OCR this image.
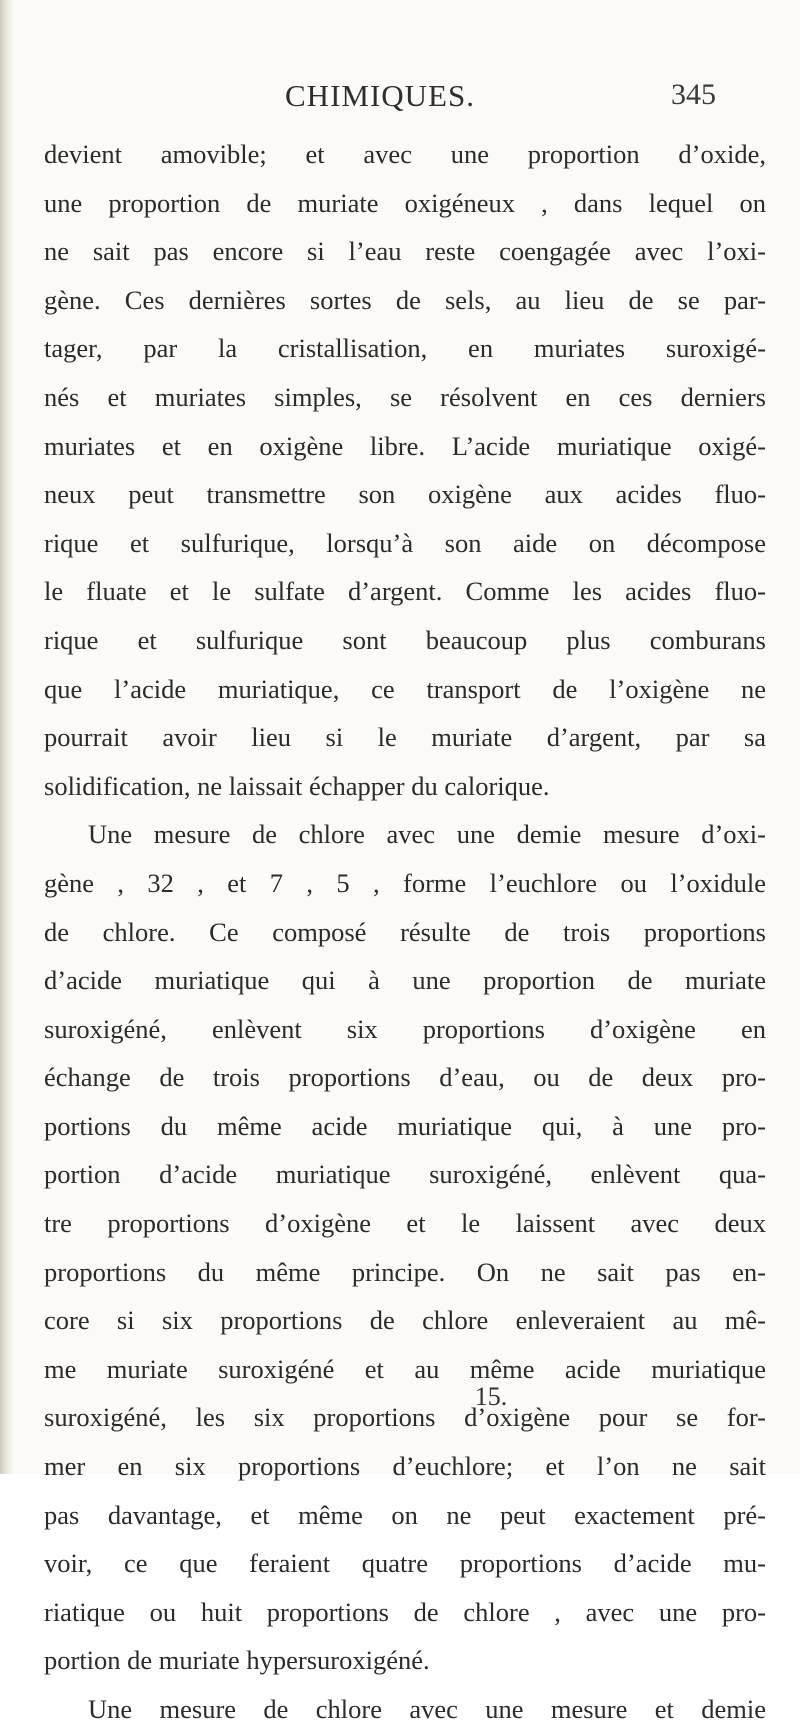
CHIMIQUES.	345
devient amovible; et avec une proportion d’oxide,
une proportion de muriate oxigéneux , dans lequel on
ne sait pas encore si l’eau reste coengagée avec l’oxi-
gène. Ces dernières sortes de sels, au lieu de se par-
tager, par la cristallisation, en muriates suroxigé-
nés et muriates simples, se résolvent en ces derniers
muriates et en oxigène libre. L’acide muriatique oxigé-
neux peut transmettre son oxigène aux acides fluo-
rique et sulfurique, lorsqu’à son aide on décompose
le fluate et le sulfate d’argent. Comme les acides fluo-
rique et sulfurique sont beaucoup plus comburans
que l’acide muriatique, ce transport de l’oxigène ne
pourrait avoir lieu si le muriate d’argent, par sa
solidification, ne laissait échapper du calorique.
Une mesure de chlore avec une demie mesure d’oxi-
gène , 32 , et 7 , 5 , forme l’euchlore ou l’oxidule
de chlore. Ce composé résulte de trois proportions
d’acide muriatique qui à une proportion de muriate
suroxigéné, enlèvent six proportions d’oxigène en
échange de trois proportions d’eau, ou de deux pro-
portions du même acide muriatique qui, à une pro-
portion d’acide muriatique suroxigéné, enlèvent qua-
tre proportions d’oxigène et le laissent avec deux
proportions du même principe. On ne sait pas en-
core si six proportions de chlore enleveraient au mê-
me muriate suroxigéné et au même acide muriatique
suroxigéné, les six proportions d’oxigène pour se for-
mer en six proportions d’euchlore; et l’on ne sait
pas davantage, et même on ne peut exactement pré-
voir, ce que feraient quatre proportions d’acide mu-
riatique ou huit proportions de chlore , avec une pro-
portion de muriate hypersuroxigéné.
Une mesure de chlore avec une mesure et demie
15.
